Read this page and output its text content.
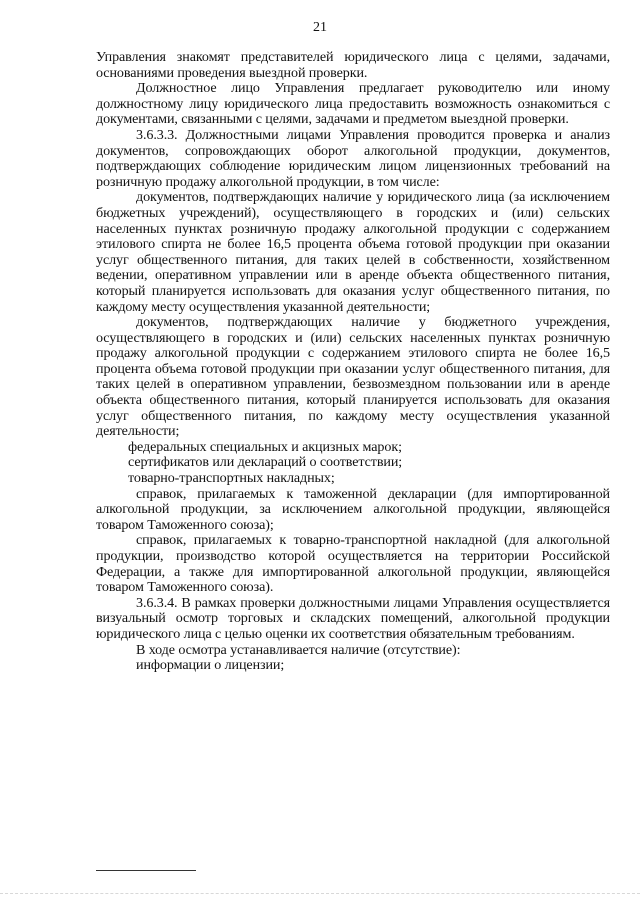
21

Управления знакомят представителей юридического лица с целями, задачами, основаниями проведения выездной проверки.

Должностное лицо Управления предлагает руководителю или иному должностному лицу юридического лица предоставить возможность ознакомиться с документами, связанными с целями, задачами и предметом выездной проверки.

3.6.3.3. Должностными лицами Управления проводится проверка и анализ документов, сопровождающих оборот алкогольной продукции, документов, подтверждающих соблюдение юридическим лицом лицензионных требований на розничную продажу алкогольной продукции, в том числе:

документов, подтверждающих наличие у юридического лица (за исключением бюджетных учреждений), осуществляющего в городских и (или) сельских населенных пунктах розничную продажу алкогольной продукции с содержанием этилового спирта не более 16,5 процента объема готовой продукции при оказании услуг общественного питания, для таких целей в собственности, хозяйственном ведении, оперативном управлении или в аренде объекта общественного питания, который планируется использовать для оказания услуг общественного питания, по каждому месту осуществления указанной деятельности;

документов, подтверждающих наличие у бюджетного учреждения, осуществляющего в городских и (или) сельских населенных пунктах розничную продажу алкогольной продукции с содержанием этилового спирта не более 16,5 процента объема готовой продукции при оказании услуг общественного питания, для таких целей в оперативном управлении, безвозмездном пользовании или в аренде объекта общественного питания, который планируется использовать для оказания услуг общественного питания, по каждому месту осуществления указанной деятельности;

федеральных специальных и акцизных марок;

сертификатов или деклараций о соответствии;

товарно-транспортных накладных;

справок, прилагаемых к таможенной декларации (для импортированной алкогольной продукции, за исключением алкогольной продукции, являющейся товаром Таможенного союза);

справок, прилагаемых к товарно-транспортной накладной (для алкогольной продукции, производство которой осуществляется на территории Российской Федерации, а также для импортированной алкогольной продукции, являющейся товаром Таможенного союза).

3.6.3.4. В рамках проверки должностными лицами Управления осуществляется визуальный осмотр торговых и складских помещений, алкогольной продукции юридического лица с целью оценки их соответствия обязательным требованиям.

В ходе осмотра устанавливается наличие (отсутствие):

информации о лицензии;
